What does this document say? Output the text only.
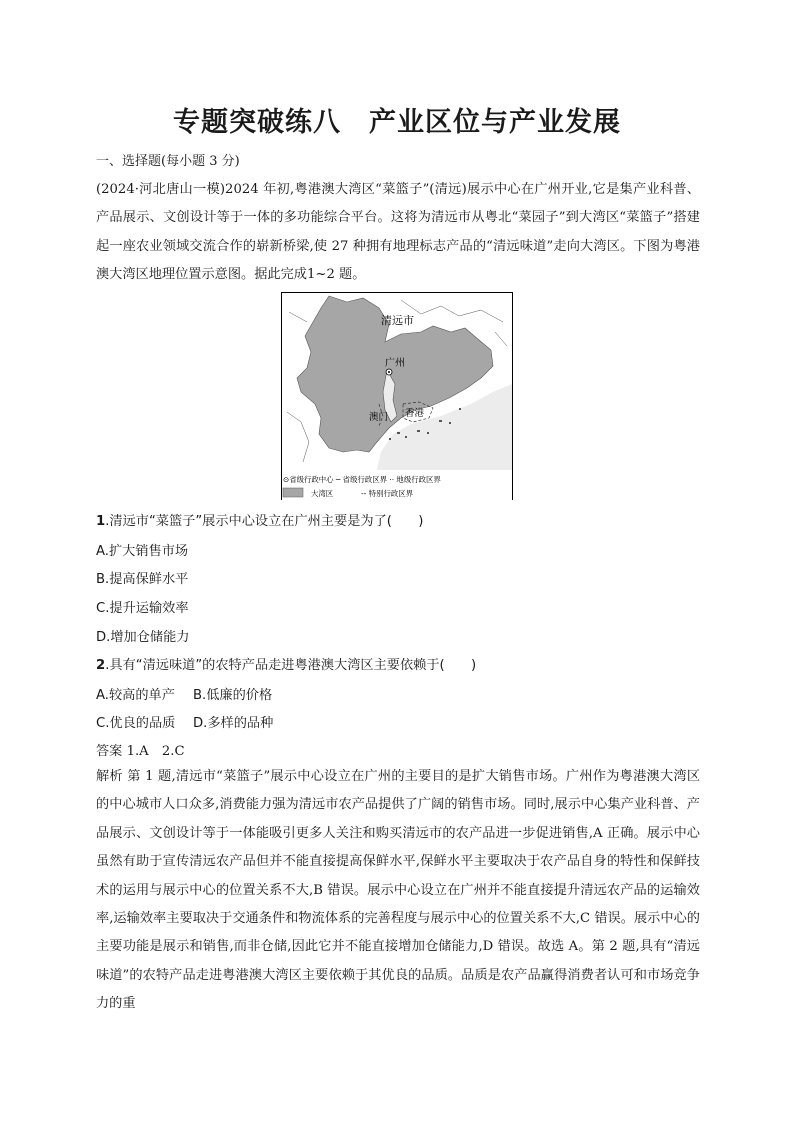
专题突破练八　产业区位与产业发展
一、选择题(每小题 3 分)

(2024·河北唐山一模)2024 年初,粤港澳大湾区“菜篮子”(清远)展示中心在广州开业,它是集产业科普、产品展示、文创设计等于一体的多功能综合平台。这将为清远市从粤北“菜园子”到大湾区“菜篮子”搭建起一座农业领域交流合作的崭新桥梁,使 27 种拥有地理标志产品的“清远味道”走向大湾区。下图为粤港澳大湾区地理位置示意图。据此完成1~2 题。

清远市
广州
澳门 香港
⊙省级行政中心 ─ 省级行政区界 ·· 地级行政区界
大湾区	-- 特别行政区界

1.清远市“菜篮子”展示中心设立在广州主要是为了(　　)

A.扩大销售市场
B.提高保鲜水平
C.提升运输效率
D.增加仓储能力

2.具有“清远味道”的农特产品走进粤港澳大湾区主要依赖于(　　)

A.较高的单产 B.低廉的价格
C.优良的品质 D.多样的品种
答案 1.A　2.C

解析 第 1 题,清远市“菜篮子”展示中心设立在广州的主要目的是扩大销售市场。广州作为粤港澳大湾区的中心城市人口众多,消费能力强为清远市农产品提供了广阔的销售市场。同时,展示中心集产业科普、产品展示、文创设计等于一体能吸引更多人关注和购买清远市的农产品进一步促进销售,A 正确。展示中心虽然有助于宣传清远农产品但并不能直接提高保鲜水平,保鲜水平主要取决于农产品自身的特性和保鲜技术的运用与展示中心的位置关系不大,B 错误。展示中心设立在广州并不能直接提升清远农产品的运输效率,运输效率主要取决于交通条件和物流体系的完善程度与展示中心的位置关系不大,C 错误。展示中心的主要功能是展示和销售,而非仓储,因此它并不能直接增加仓储能力,D 错误。故选 A。第 2 题,具有“清远味道”的农特产品走进粤港澳大湾区主要依赖于其优良的品质。品质是农产品赢得消费者认可和市场竞争力的重
